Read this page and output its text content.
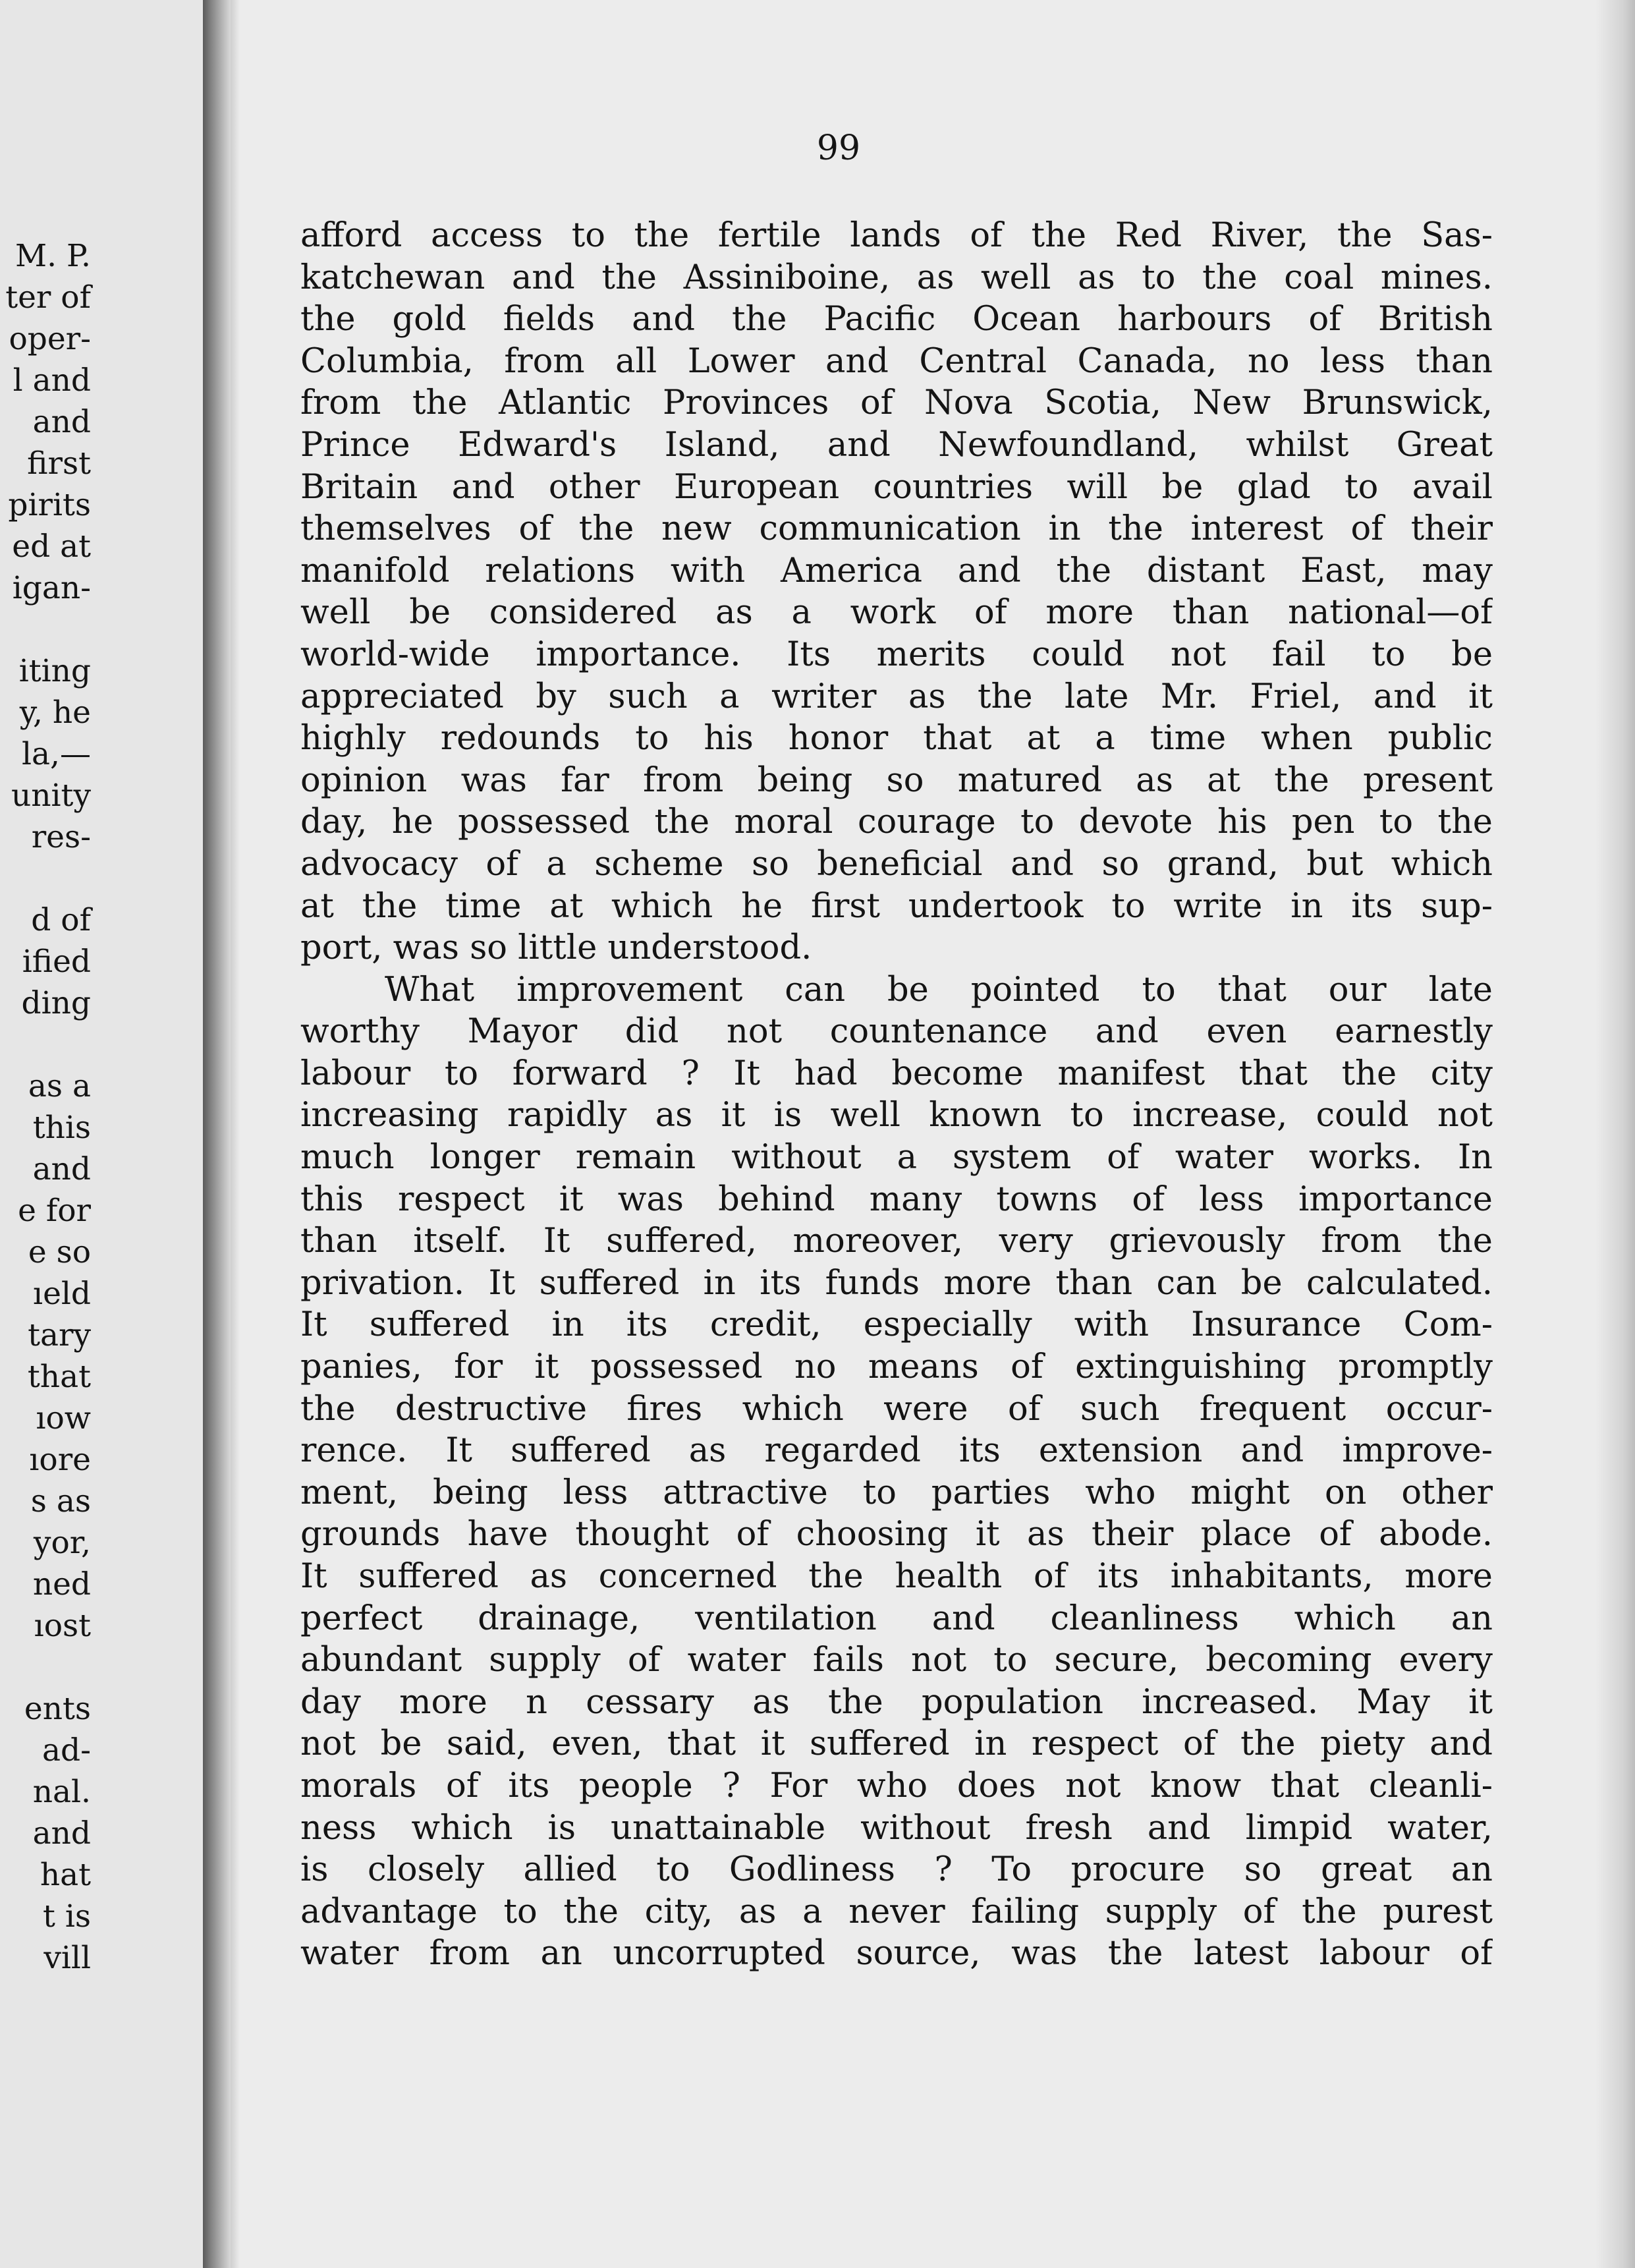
M. P.
ter of
oper-
l and
and
first
pirits
ed at
igan-
iting
y, he
la,—
unity
res-
d of
ified
ding
as a
this
and
e for
e so
ıeld
tary
that
ıow
ıore
s as
yor,
ned
ıost
ents
ad-
nal.
and
hat
t is
vill
99
afford access to the fertile lands of the Red River, the Sas-
katchewan and the Assiniboine, as well as to the coal mines.
the gold fields and the Pacific Ocean harbours of British
Columbia, from all Lower and Central Canada, no less than
from the Atlantic Provinces of Nova Scotia, New Brunswick,
Prince Edward's Island, and Newfoundland, whilst Great
Britain and other European countries will be glad to avail
themselves of the new communication in the interest of their
manifold relations with America and the distant East, may
well be considered as a work of more than national—of
world-wide importance. Its merits could not fail to be
appreciated by such a writer as the late Mr. Friel, and it
highly redounds to his honor that at a time when public
opinion was far from being so matured as at the present
day, he possessed the moral courage to devote his pen to the
advocacy of a scheme so beneficial and so grand, but which
at the time at which he first undertook to write in its sup-
port, was so little understood.
What improvement can be pointed to that our late
worthy Mayor did not countenance and even earnestly
labour to forward ? It had become manifest that the city
increasing rapidly as it is well known to increase, could not
much longer remain without a system of water works. In
this respect it was behind many towns of less importance
than itself. It suffered, moreover, very grievously from the
privation. It suffered in its funds more than can be calculated.
It suffered in its credit, especially with Insurance Com-
panies, for it possessed no means of extinguishing promptly
the destructive fires which were of such frequent occur-
rence. It suffered as regarded its extension and improve-
ment, being less attractive to parties who might on other
grounds have thought of choosing it as their place of abode.
It suffered as concerned the health of its inhabitants, more
perfect drainage, ventilation and cleanliness which an
abundant supply of water fails not to secure, becoming every
day more n cessary as the population increased. May it
not be said, even, that it suffered in respect of the piety and
morals of its people ? For who does not know that cleanli-
ness which is unattainable without fresh and limpid water,
is closely allied to Godliness ? To procure so great an
advantage to the city, as a never failing supply of the purest
water from an uncorrupted source, was the latest labour of
